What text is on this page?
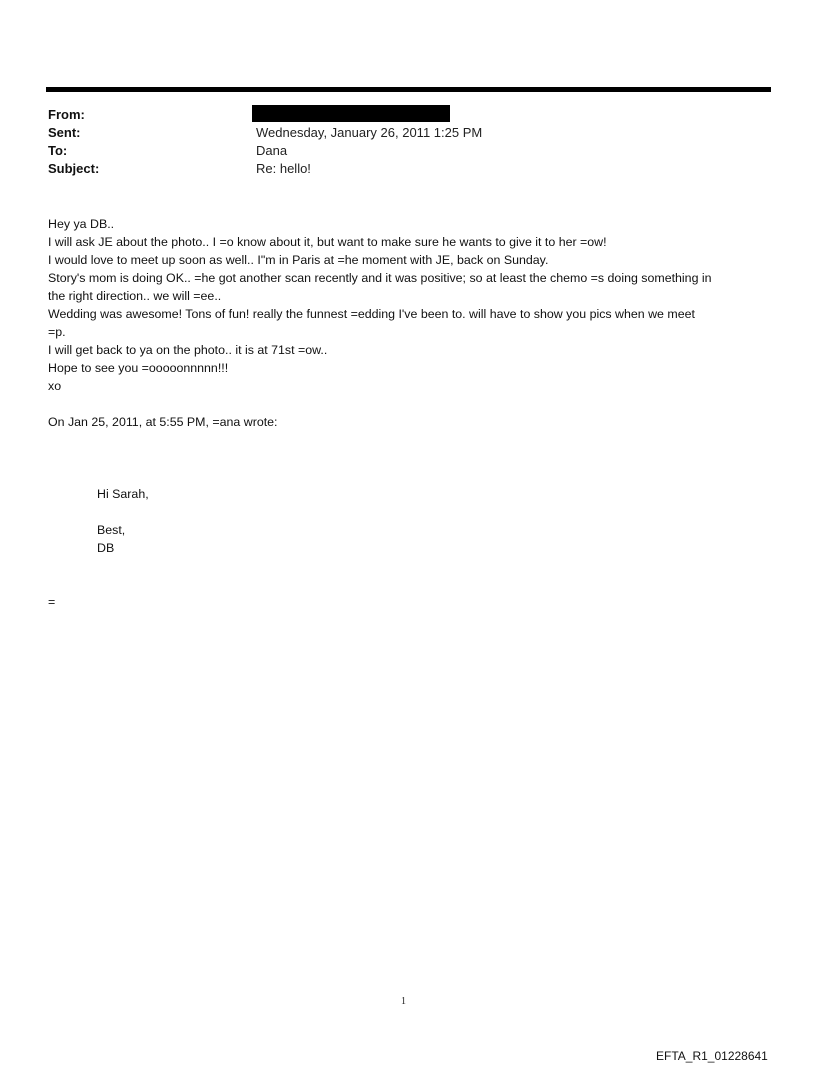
From:
Sent:	Wednesday, January 26, 2011 1:25 PM
To:	Dana
Subject:	Re: hello!
Hey ya DB..
I will ask JE about the photo.. I =o know about it, but want to make sure he wants to give it to her =ow!
I would love to meet up soon as well.. I"m in Paris at =he moment with JE, back on Sunday.
Story's mom is doing OK.. =he got another scan recently and it was positive; so at least the chemo =s doing something in
the right direction.. we will =ee..
Wedding was awesome! Tons of fun! really the funnest =edding I've been to. will have to show you pics when we meet
=p.
I will get back to ya on the photo.. it is at 71st =ow..
Hope to see you =ooooonnnnn!!!
xo
On Jan 25, 2011, at 5:55 PM, =ana wrote:
Hi Sarah,
Best,
DB
=
1
EFTA_R1_01228641
